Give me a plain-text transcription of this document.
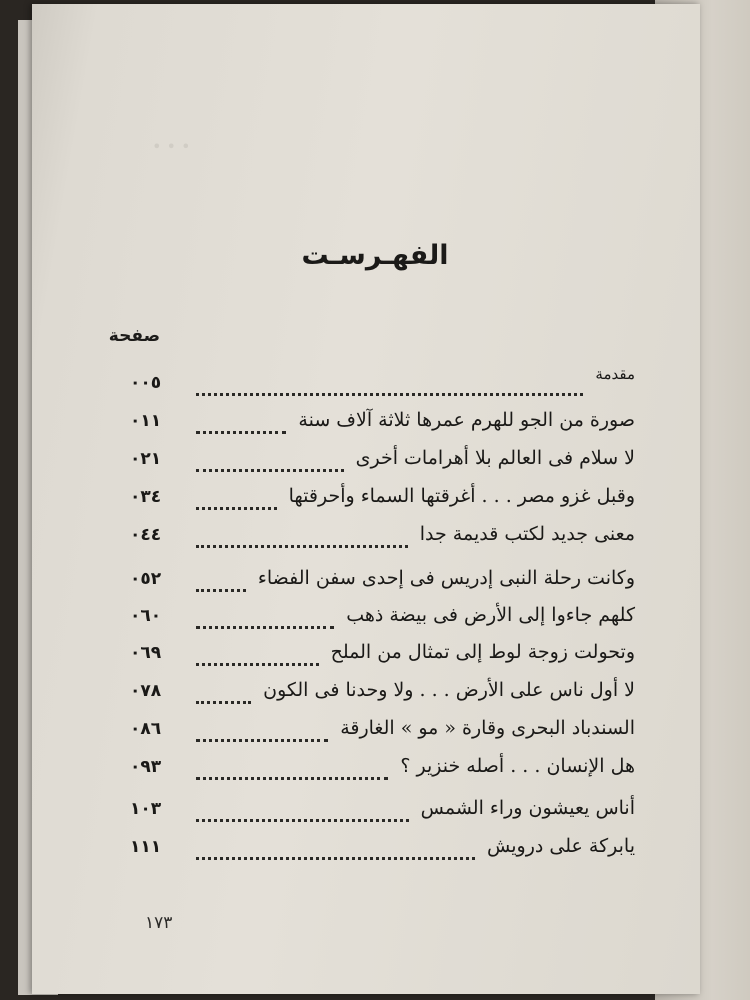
• • •
الفهـرسـت
صفحة
٠٠٥	مقدمة
٠١١	صورة من الجو للهرم عمرها ثلاثة آلاف سنة
٠٢١	لا سلام فى العالم بلا أهرامات أخرى
٠٣٤	وقبل غزو مصر . . . أغرقتها السماء وأحرقتها
٠٤٤	معنى جديد لكتب قديمة جدا
٠٥٢	وكانت رحلة النبى إدريس فى إحدى سفن الفضاء
٠٦٠	كلهم جاءوا إلى الأرض فى بيضة ذهب
٠٦٩	وتحولت زوجة لوط إلى تمثال من الملح
٠٧٨	لا أول ناس على الأرض . . . ولا وحدنا فى الكون
٠٨٦	السندباد البحرى وقارة « مو » الغارقة
٠٩٣	هل الإنسان . . . أصله خنزير ؟
١٠٣	أناس يعيشون وراء الشمس
١١١	يابركة على درويش
١٧٣
